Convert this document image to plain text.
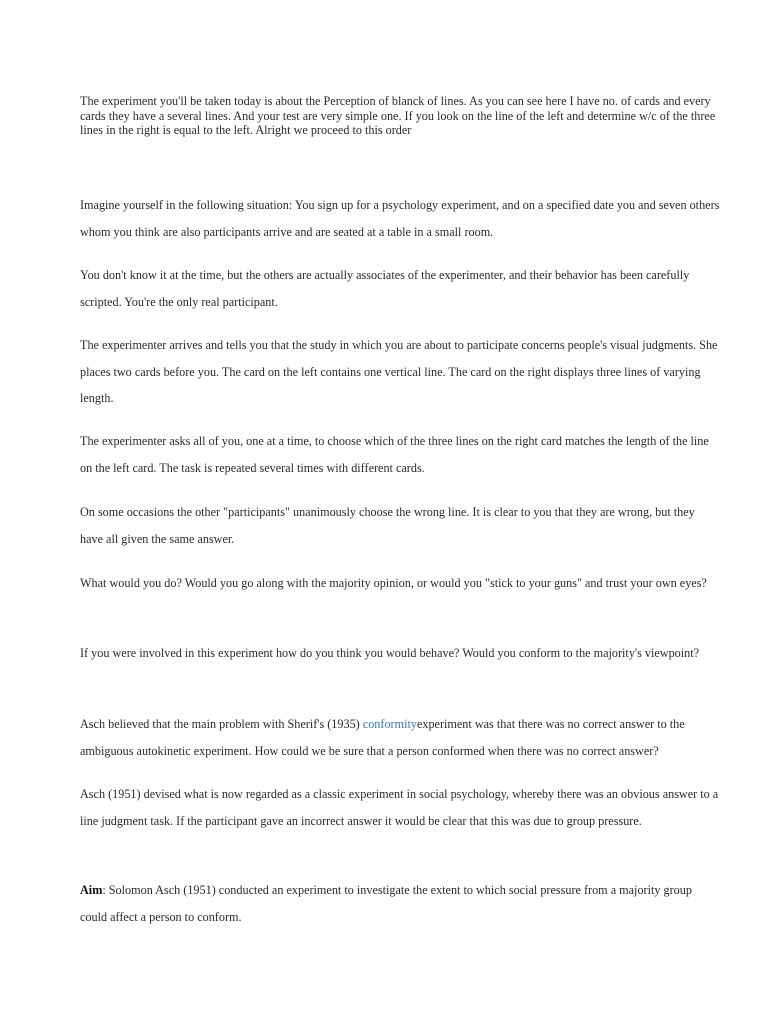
The experiment you'll be taken today is about the Perception of blanck of lines. As you can see here I have no. of cards and every cards they have a several lines. And your test are very simple one. If you look on the line of the left and determine w/c of the three lines in the right is equal to the left. Alright we proceed to this order

Imagine yourself in the following situation: You sign up for a psychology experiment, and on a specified date you and seven others whom you think are also participants arrive and are seated at a table in a small room.

You don't know it at the time, but the others are actually associates of the experimenter, and their behavior has been carefully scripted. You're the only real participant.

The experimenter arrives and tells you that the study in which you are about to participate concerns people's visual judgments. She places two cards before you. The card on the left contains one vertical line. The card on the right displays three lines of varying length.

The experimenter asks all of you, one at a time, to choose which of the three lines on the right card matches the length of the line on the left card. The task is repeated several times with different cards.

On some occasions the other "participants" unanimously choose the wrong line. It is clear to you that they are wrong, but they have all given the same answer.

What would you do? Would you go along with the majority opinion, or would you "stick to your guns" and trust your own eyes?

If you were involved in this experiment how do you think you would behave? Would you conform to the majority's viewpoint?

Asch believed that the main problem with Sherif's (1935) conformityexperiment was that there was no correct answer to the ambiguous autokinetic experiment. How could we be sure that a person conformed when there was no correct answer?

Asch (1951) devised what is now regarded as a classic experiment in social psychology, whereby there was an obvious answer to a line judgment task. If the participant gave an incorrect answer it would be clear that this was due to group pressure.

Aim: Solomon Asch (1951) conducted an experiment to investigate the extent to which social pressure from a majority group could affect a person to conform.
